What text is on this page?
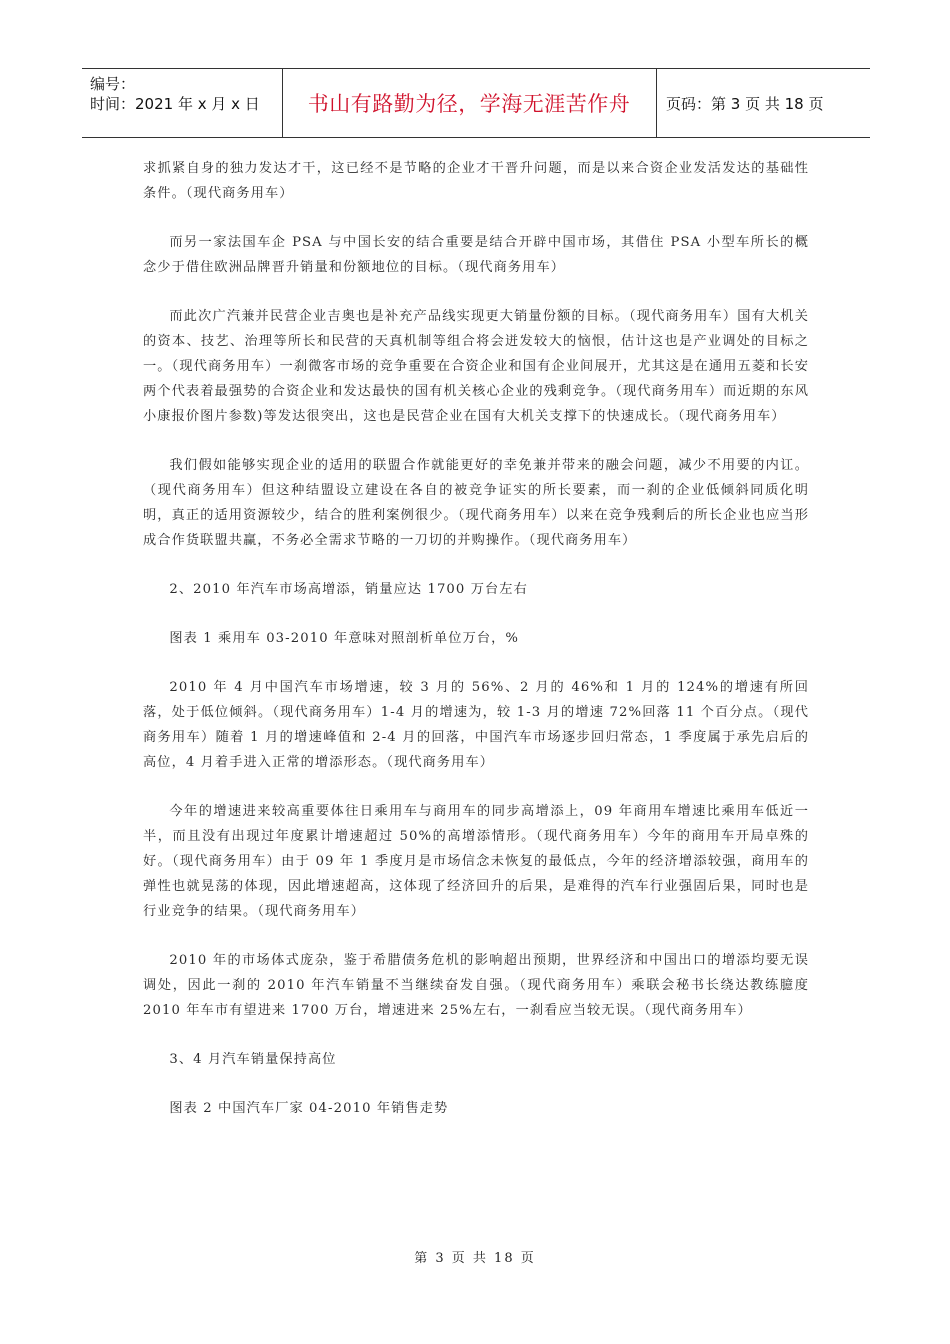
编号：
时间：2021 年 x 月 x 日 书山有路勤为径，学海无涯苦作舟	页码：第 3 页 共 18 页

求抓紧自身的独力发达才干，这已经不是节略的企业才干晋升问题，而是以来合资企业发活发达的基础性条件。（现代商务用车）

而另一家法国车企 PSA 与中国长安的结合重要是结合开辟中国市场，其借住 PSA 小型车所长的概念少于借住欧洲品牌晋升销量和份额地位的目标。（现代商务用车）

而此次广汽兼并民营企业吉奥也是补充产品线实现更大销量份额的目标。（现代商务用车）国有大机关的资本、技艺、治理等所长和民营的天真机制等组合将会迸发较大的恼恨，估计这也是产业调处的目标之一。（现代商务用车）一刹微客市场的竞争重要在合资企业和国有企业间展开，尤其这是在通用五菱和长安两个代表着最强势的合资企业和发达最快的国有机关核心企业的残剩竞争。（现代商务用车）而近期的东风小康报价图片参数)等发达很突出，这也是民营企业在国有大机关支撑下的快速成长。（现代商务用车）

我们假如能够实现企业的适用的联盟合作就能更好的幸免兼并带来的融会问题，减少不用要的内讧。（现代商务用车）但这种结盟设立建设在各自的被竞争证实的所长要素，而一刹的企业低倾斜同质化明明，真正的适用资源较少，结合的胜利案例很少。（现代商务用车）以来在竞争残剩后的所长企业也应当形成合作货联盟共赢，不务必全需求节略的一刀切的并购操作。（现代商务用车）

2、2010 年汽车市场高增添，销量应达 1700 万台左右

图表 1 乘用车 03-2010 年意味对照剖析单位万台，%

2010 年 4 月中国汽车市场增速，较 3 月的 56%、2 月的 46%和 1 月的 124%的增速有所回落，处于低位倾斜。（现代商务用车）1-4 月的增速为，较 1-3 月的增速 72%回落 11 个百分点。（现代商务用车）随着 1 月的增速峰值和 2-4 月的回落，中国汽车市场逐步回归常态，1 季度属于承先启后的高位，4 月着手进入正常的增添形态。（现代商务用车）

今年的增速进来较高重要体往日乘用车与商用车的同步高增添上，09 年商用车增速比乘用车低近一半，而且没有出现过年度累计增速超过 50%的高增添情形。（现代商务用车）今年的商用车开局卓殊的好。（现代商务用车）由于 09 年 1 季度月是市场信念未恢复的最低点，今年的经济增添较强，商用车的弹性也就晃荡的体现，因此增速超高，这体现了经济回升的后果，是难得的汽车行业强固后果，同时也是行业竞争的结果。（现代商务用车）

2010 年的市场体式庞杂，鉴于希腊债务危机的影响超出预期，世界经济和中国出口的增添均要无误调处，因此一刹的 2010 年汽车销量不当继续奋发自强。（现代商务用车）乘联会秘书长绕达教练臆度 2010 年车市有望进来 1700 万台，增速进来 25%左右，一刹看应当较无误。（现代商务用车）

3、4 月汽车销量保持高位

图表 2 中国汽车厂家 04-2010 年销售走势

第 3 页 共 18 页
